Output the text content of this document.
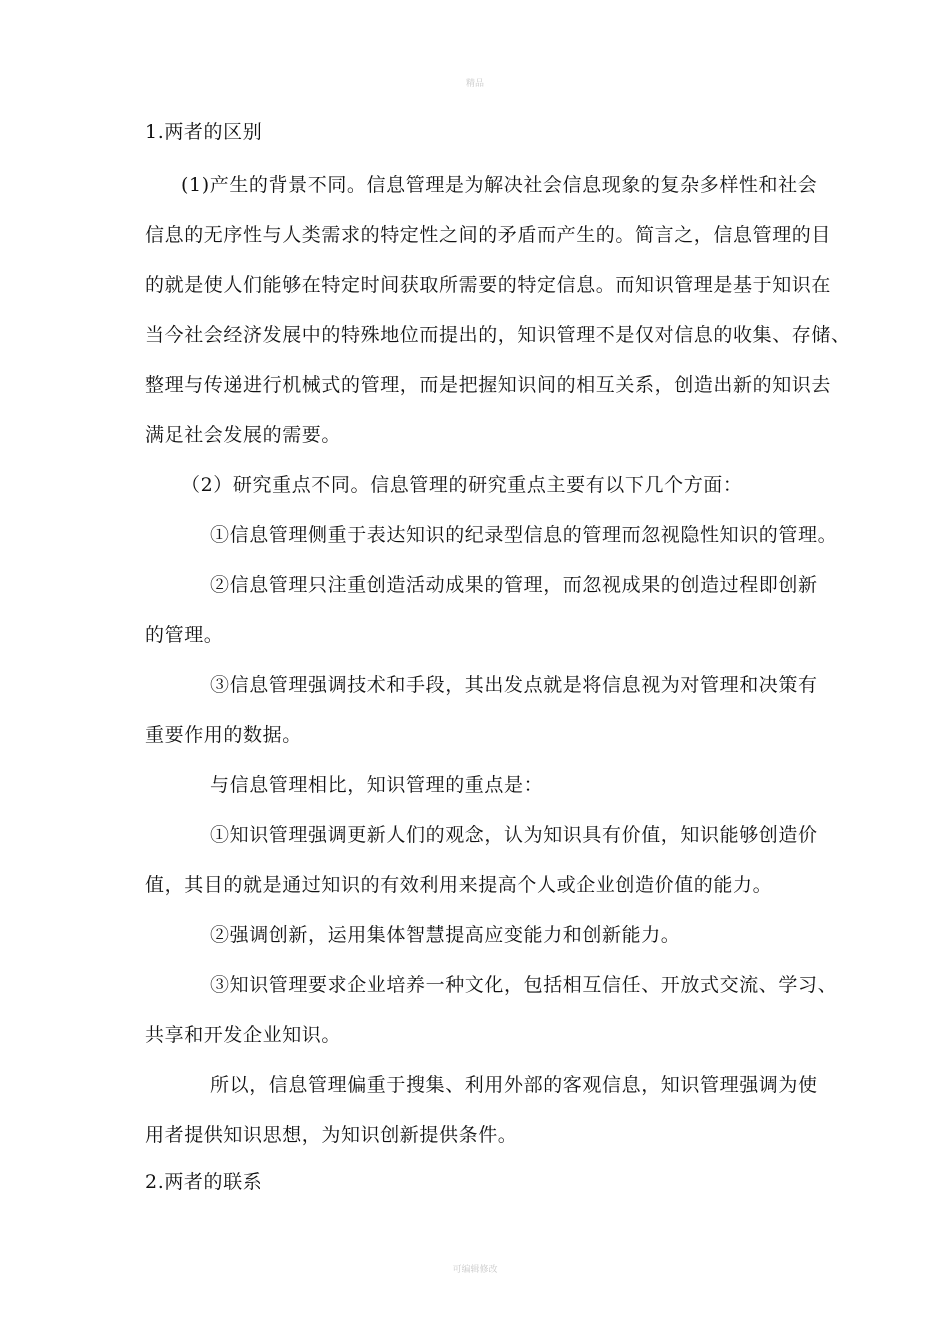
精品
1.两者的区别
(1)产生的背景不同。信息管理是为解决社会信息现象的复杂多样性和社会
信息的无序性与人类需求的特定性之间的矛盾而产生的。简言之，信息管理的目
的就是使人们能够在特定时间获取所需要的特定信息。而知识管理是基于知识在
当今社会经济发展中的特殊地位而提出的，知识管理不是仅对信息的收集、存储、
整理与传递进行机械式的管理，而是把握知识间的相互关系，创造出新的知识去
满足社会发展的需要。
（2）研究重点不同。信息管理的研究重点主要有以下几个方面：
①信息管理侧重于表达知识的纪录型信息的管理而忽视隐性知识的管理。
②信息管理只注重创造活动成果的管理，而忽视成果的创造过程即创新
的管理。
③信息管理强调技术和手段，其出发点就是将信息视为对管理和决策有
重要作用的数据。
与信息管理相比，知识管理的重点是：
①知识管理强调更新人们的观念，认为知识具有价值，知识能够创造价
值，其目的就是通过知识的有效利用来提高个人或企业创造价值的能力。
②强调创新，运用集体智慧提高应变能力和创新能力。
③知识管理要求企业培养一种文化，包括相互信任、开放式交流、学习、
共享和开发企业知识。
所以，信息管理偏重于搜集、利用外部的客观信息，知识管理强调为使
用者提供知识思想，为知识创新提供条件。
2.两者的联系
可编辑修改
